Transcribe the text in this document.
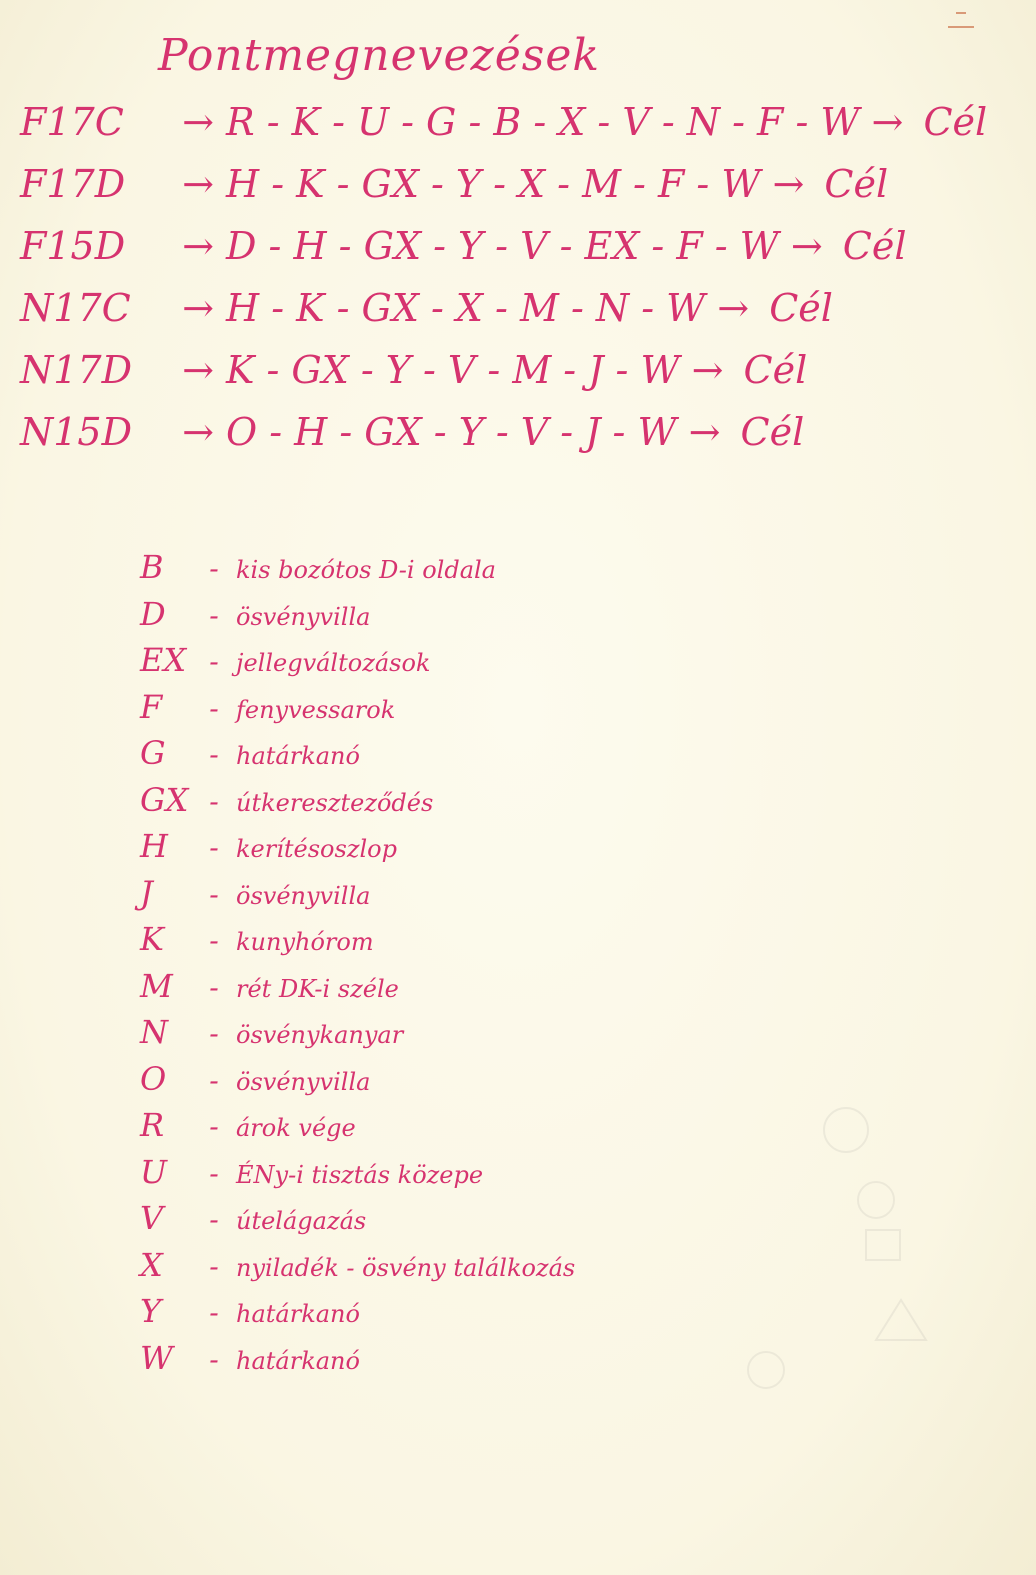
Pontmegnevezések
F17C	→ R - K - U - G - B - X - V - N - F - W → Cél
F17D	→ H - K - GX - Y - X - M - F - W → Cél
F15D	→ D - H - GX - Y - V - EX - F - W → Cél
N17C	→ H - K - GX - X - M - N - W → Cél
N17D	→ K - GX - Y - V - M - J - W → Cél
N15D	→ O - H - GX - Y - V - J - W → Cél
B	- kis bozótos D-i oldala
D	- ösvényvilla
EX - jellegváltozások
F	- fenyvessarok
G	- határkanó
GX - útkereszteződés
H	- kerítésoszlop
J	- ösvényvilla
K	- kunyhórom
M	- rét DK-i széle
N	- ösvénykanyar
O	- ösvényvilla
R	- árok vége
U	- ÉNy-i tisztás közepe
V	- útelágazás
X	- nyiladék - ösvény találkozás
Y	- határkanó
W	- határkanó
